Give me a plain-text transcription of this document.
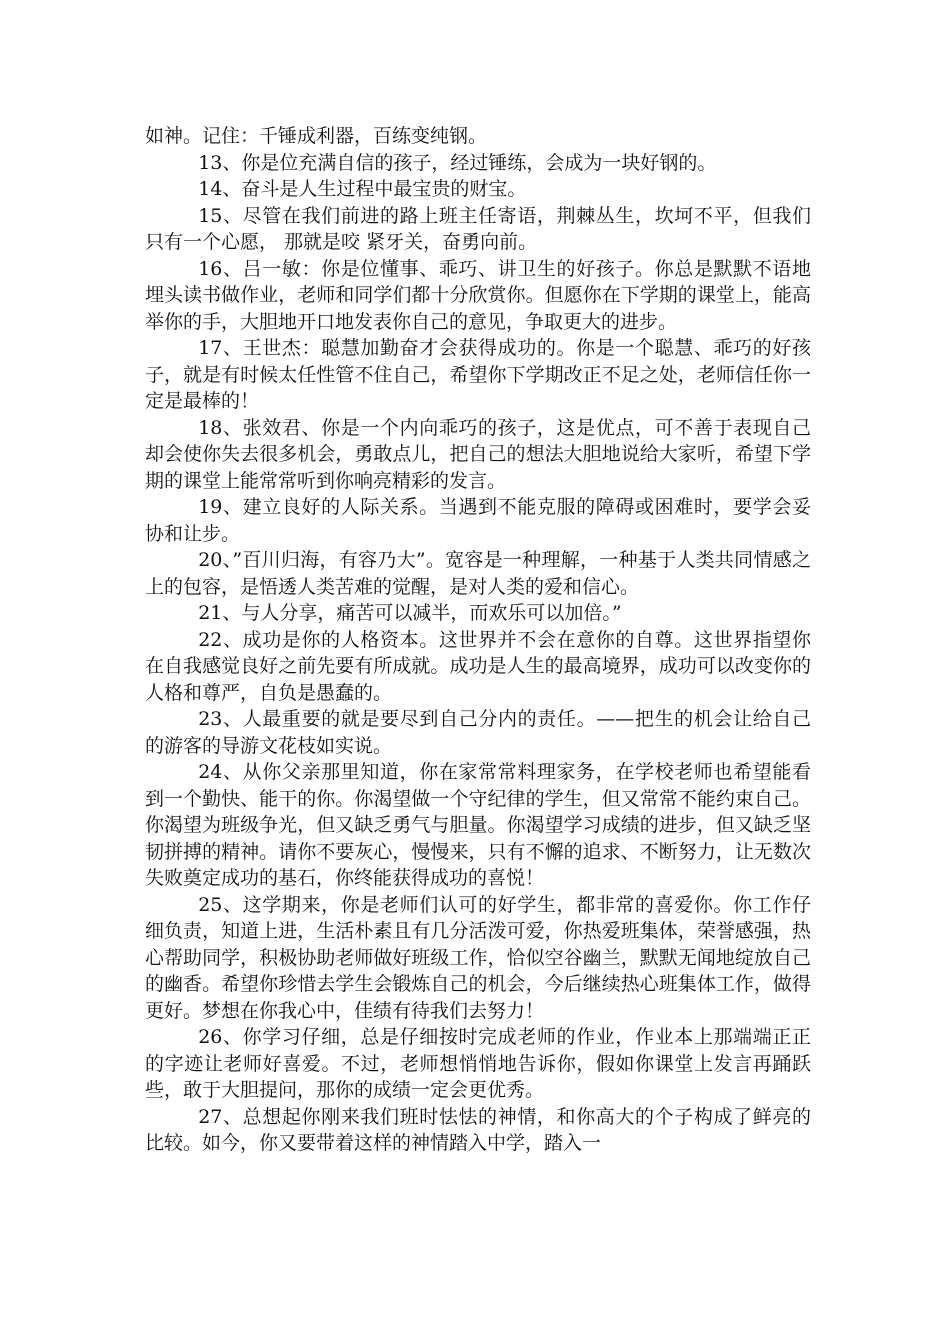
如神。记住：千锤成利器，百练变纯钢。

13、你是位充满自信的孩子，经过锤练，会成为一块好钢的。

14、奋斗是人生过程中最宝贵的财宝。

15、尽管在我们前进的路上班主任寄语，荆棘丛生，坎坷不平，但我们只有一个心愿， 那就是咬 紧牙关，奋勇向前。

16、吕一敏：你是位懂事、乖巧、讲卫生的好孩子。你总是默默不语地埋头读书做作业，老师和同学们都十分欣赏你。但愿你在下学期的课堂上，能高举你的手，大胆地开口地发表你自己的意见，争取更大的进步。

17、王世杰：聪慧加勤奋才会获得成功的。你是一个聪慧、乖巧的好孩子，就是有时候太任性管不住自己，希望你下学期改正不足之处，老师信任你一定是最棒的！

18、张效君、你是一个内向乖巧的孩子，这是优点，可不善于表现自己却会使你失去很多机会，勇敢点儿，把自己的想法大胆地说给大家听，希望下学期的课堂上能常常听到你响亮精彩的发言。

19、建立良好的人际关系。当遇到不能克服的障碍或困难时，要学会妥协和让步。

20、”百川归海，有容乃大”。宽容是一种理解，一种基于人类共同情感之上的包容，是悟透人类苦难的觉醒，是对人类的爱和信心。

21、与人分享，痛苦可以减半，而欢乐可以加倍。”

22、成功是你的人格资本。这世界并不会在意你的自尊。这世界指望你在自我感觉良好之前先要有所成就。成功是人生的最高境界，成功可以改变你的人格和尊严，自负是愚蠢的。

23、人最重要的就是要尽到自己分内的责任。——把生的机会让给自己的游客的导游文花枝如实说。

24、从你父亲那里知道，你在家常常料理家务，在学校老师也希望能看到一个勤快、能干的你。你渴望做一个守纪律的学生，但又常常不能约束自己。你渴望为班级争光，但又缺乏勇气与胆量。你渴望学习成绩的进步，但又缺乏坚韧拼搏的精神。请你不要灰心，慢慢来，只有不懈的追求、不断努力，让无数次失败奠定成功的基石，你终能获得成功的喜悦！

25、这学期来，你是老师们认可的好学生，都非常的喜爱你。你工作仔细负责，知道上进，生活朴素且有几分活泼可爱，你热爱班集体，荣誉感强，热心帮助同学，积极协助老师做好班级工作，恰似空谷幽兰，默默无闻地绽放自己的幽香。希望你珍惜去学生会锻炼自己的机会，今后继续热心班集体工作，做得更好。梦想在你我心中，佳绩有待我们去努力！

26、你学习仔细，总是仔细按时完成老师的作业，作业本上那端端正正的字迹让老师好喜爱。不过，老师想悄悄地告诉你，假如你课堂上发言再踊跃些，敢于大胆提问，那你的成绩一定会更优秀。

27、总想起你刚来我们班时怯怯的神情，和你高大的个子构成了鲜亮的比较。如今，你又要带着这样的神情踏入中学，踏入一
